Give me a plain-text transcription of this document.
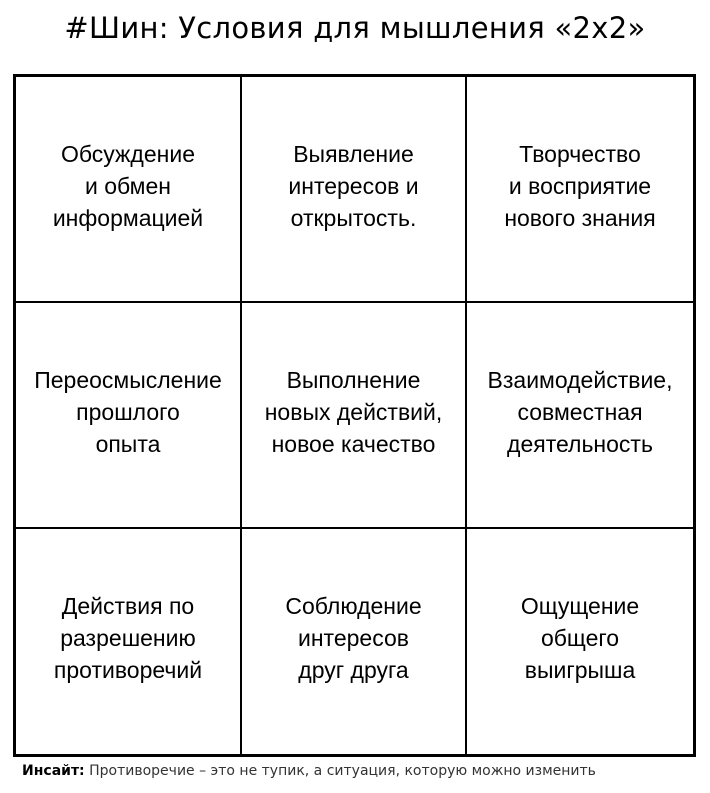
#Шин: Условия для мышления «2x2»
Обсуждение
и обмен
информацией
Выявление
интересов и
открытость.
Творчество
и восприятие
нового знания
Переосмысление
прошлого
опыта
Выполнение
новых действий,
новое качество
Взаимодействие,
совместная
деятельность
Действия по
разрешению
противоречий
Соблюдение
интересов
друг друга
Ощущение
общего
выигрыша
Инсайт: Противоречие – это не тупик, а ситуация, которую можно изменить
